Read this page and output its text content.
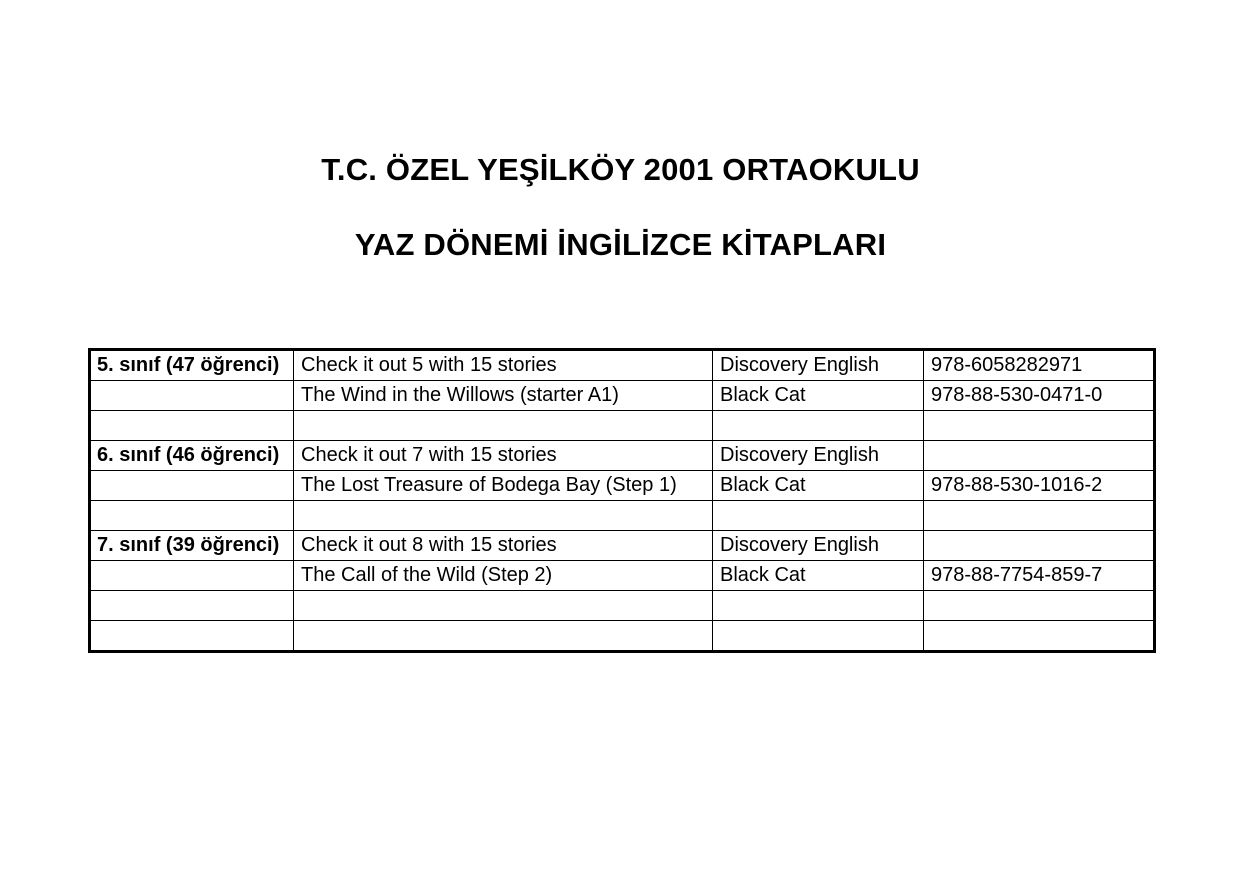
T.C. ÖZEL YEŞİLKÖY 2001 ORTAOKULU
YAZ DÖNEMİ İNGİLİZCE KİTAPLARI
5. sınıf (47 öğrenci)	Check it out 5 with 15 stories	Discovery English	978-6058282971
	The Wind in the Willows (starter A1)	Black Cat	978-88-530-0471-0

6. sınıf (46 öğrenci)	Check it out 7 with 15 stories	Discovery English	
	The Lost Treasure of Bodega Bay (Step 1)	Black Cat	978-88-530-1016-2

7. sınıf (39 öğrenci)	Check it out 8 with 15 stories	Discovery English	
	The Call of the Wild (Step 2)	Black Cat	978-88-7754-859-7
